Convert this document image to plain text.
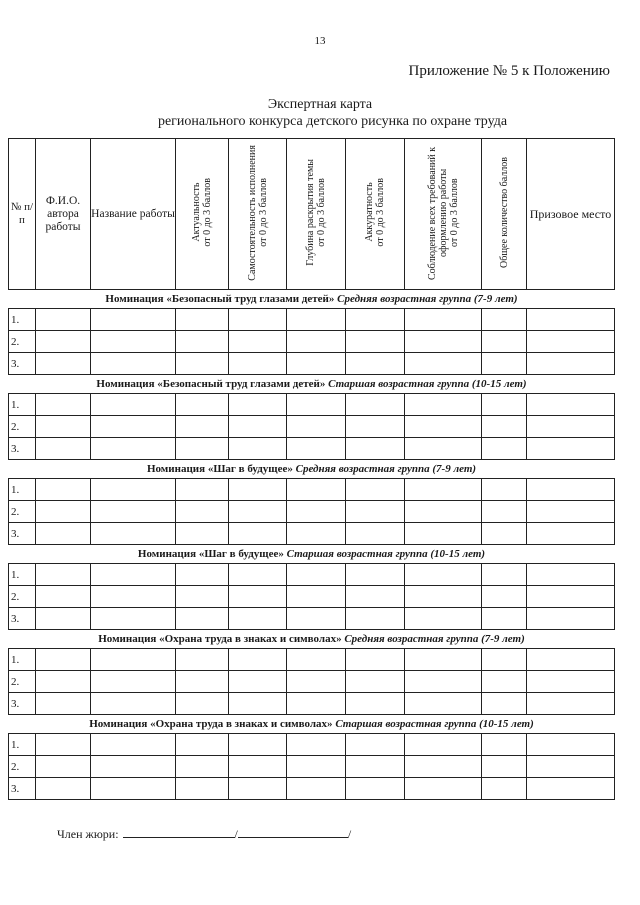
13
Приложение № 5 к Положению
Экспертная карта
регионального конкурса детского рисунка по охране труда
№ п/п	Ф.И.О. автора работы	Название работы	Актуальность
от 0 до 3 баллов	Самостоятельность исполнения
от 0 до 3 баллов	Глубина раскрытия темы
от 0 до 3 баллов	Аккуратность
от 0 до 3 баллов	Соблюдение всех требований к оформлению работы
от 0 до 3 баллов	Общее количество баллов	Призовое место
Номинация «Безопасный труд глазами детей» Средняя возрастная группа (7-9 лет)									
1.									
2.									
3.									
Номинация «Безопасный труд глазами детей» Старшая возрастная группа (10-15 лет)									
1.									
2.									
3.									
Номинация «Шаг в будущее» Средняя возрастная группа (7-9 лет)									
1.									
2.									
3.									
Номинация «Шаг в будущее» Старшая возрастная группа (10-15 лет)									
1.									
2.									
3.									
Номинация «Охрана труда в знаках и символах» Средняя возрастная группа (7-9 лет)									
1.									
2.									
3.									
Номинация «Охрана труда в знаках и символах» Старшая возрастная группа (10-15 лет)									
1.									
2.									
3.									
Член жюри:	/	/
